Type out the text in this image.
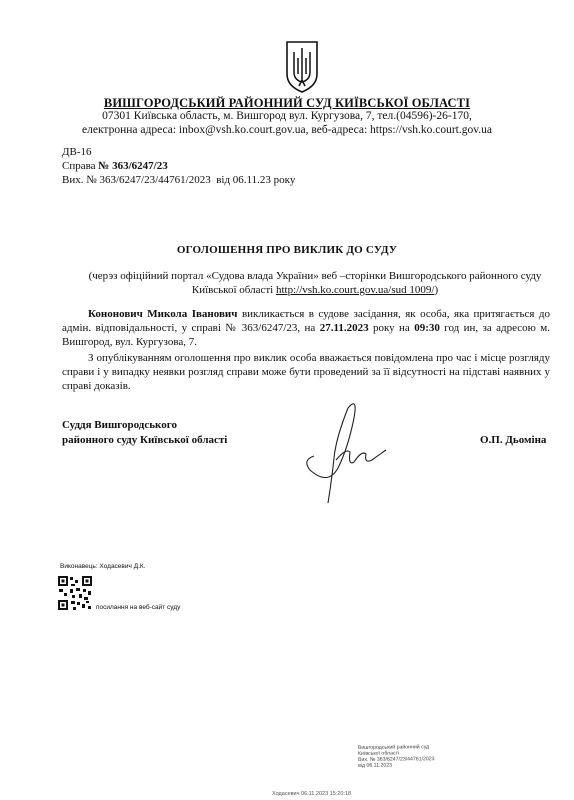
ВИШГОРОДСЬКИЙ РАЙОННИЙ СУД КИЇВСЬКОЇ ОБЛАСТІ
07301 Київська область, м. Вишгород вул. Кургузова, 7, тел.(04596)-26-170,
електронна адреса: inbox@vsh.ko.court.gov.ua, веб-адреса: https://vsh.ko.court.gov.ua
ДВ-16
Справа № 363/6247/23
Вих. № 363/6247/23/44761/2023 від 06.11.23 року
ОГОЛОШЕННЯ ПРО ВИКЛИК ДО СУДУ
(черэз офіційний портал «Судова влада України» веб –сторінки Вишгородського районного суду Київської області http://vsh.ko.court.gov.ua/sud 1009/)
Кононович Микола Іванович викликається в судове засідання, як особа, яка притягається до адмін. відповідальності, у справі № 363/6247/23, на 27.11.2023 року на 09:30 год ин, за адресою м. Вишгород, вул. Кургузова, 7.
З опублікуванням оголошення про виклик особа вважається повідомлена про час і місце розгляду справи і у випадку неявки розгляд справи може бути проведений за її відсутності на підставі наявних у справі доказів.
Суддя Вишгородського
районного суду Київської області	О.П. Дьоміна
Виконавець: Ходасевич Д.К.
посилання на веб-сайт суду
Вишгородський районний суд
Київської області
Вих. № 363/6247/23/44761/2023
від 06.11.2023
Ходасевич 06.11.2023 15:20:18
